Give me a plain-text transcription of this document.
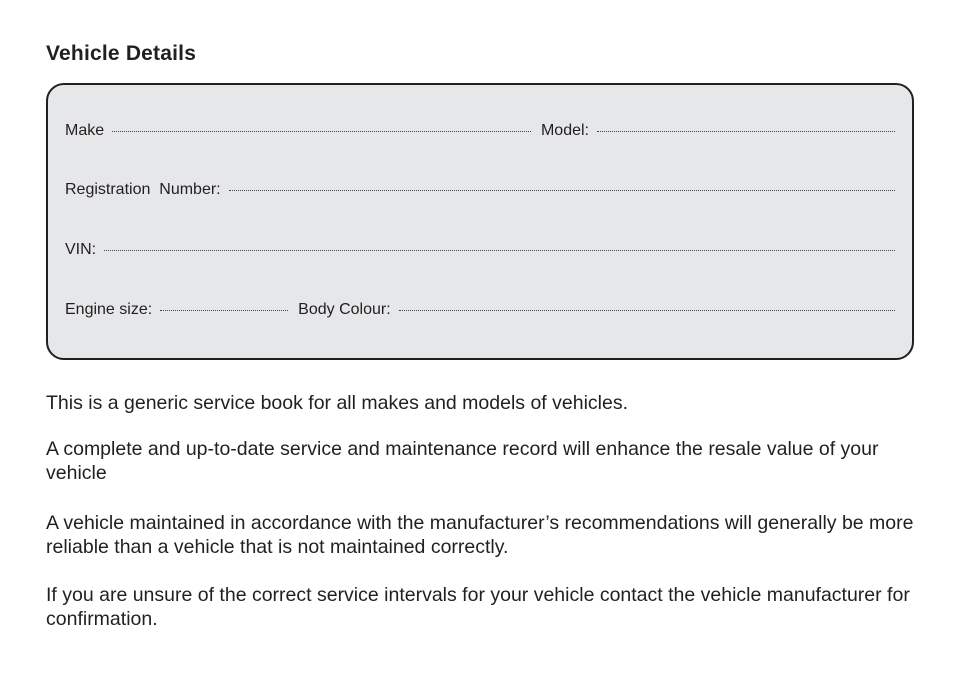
Vehicle Details
Make	Model:
Registration  Number:
VIN:
Engine size:	Body Colour:
This is a generic service book for all makes and models of vehicles.
A complete and up-to-date service and maintenance record will enhance the resale value of your vehicle
A vehicle maintained in accordance with the manufacturer’s recommendations will generally be more reliable than a vehicle that is not maintained correctly.
If you are unsure of the correct service intervals for your vehicle contact the vehicle manufacturer for confirmation.
